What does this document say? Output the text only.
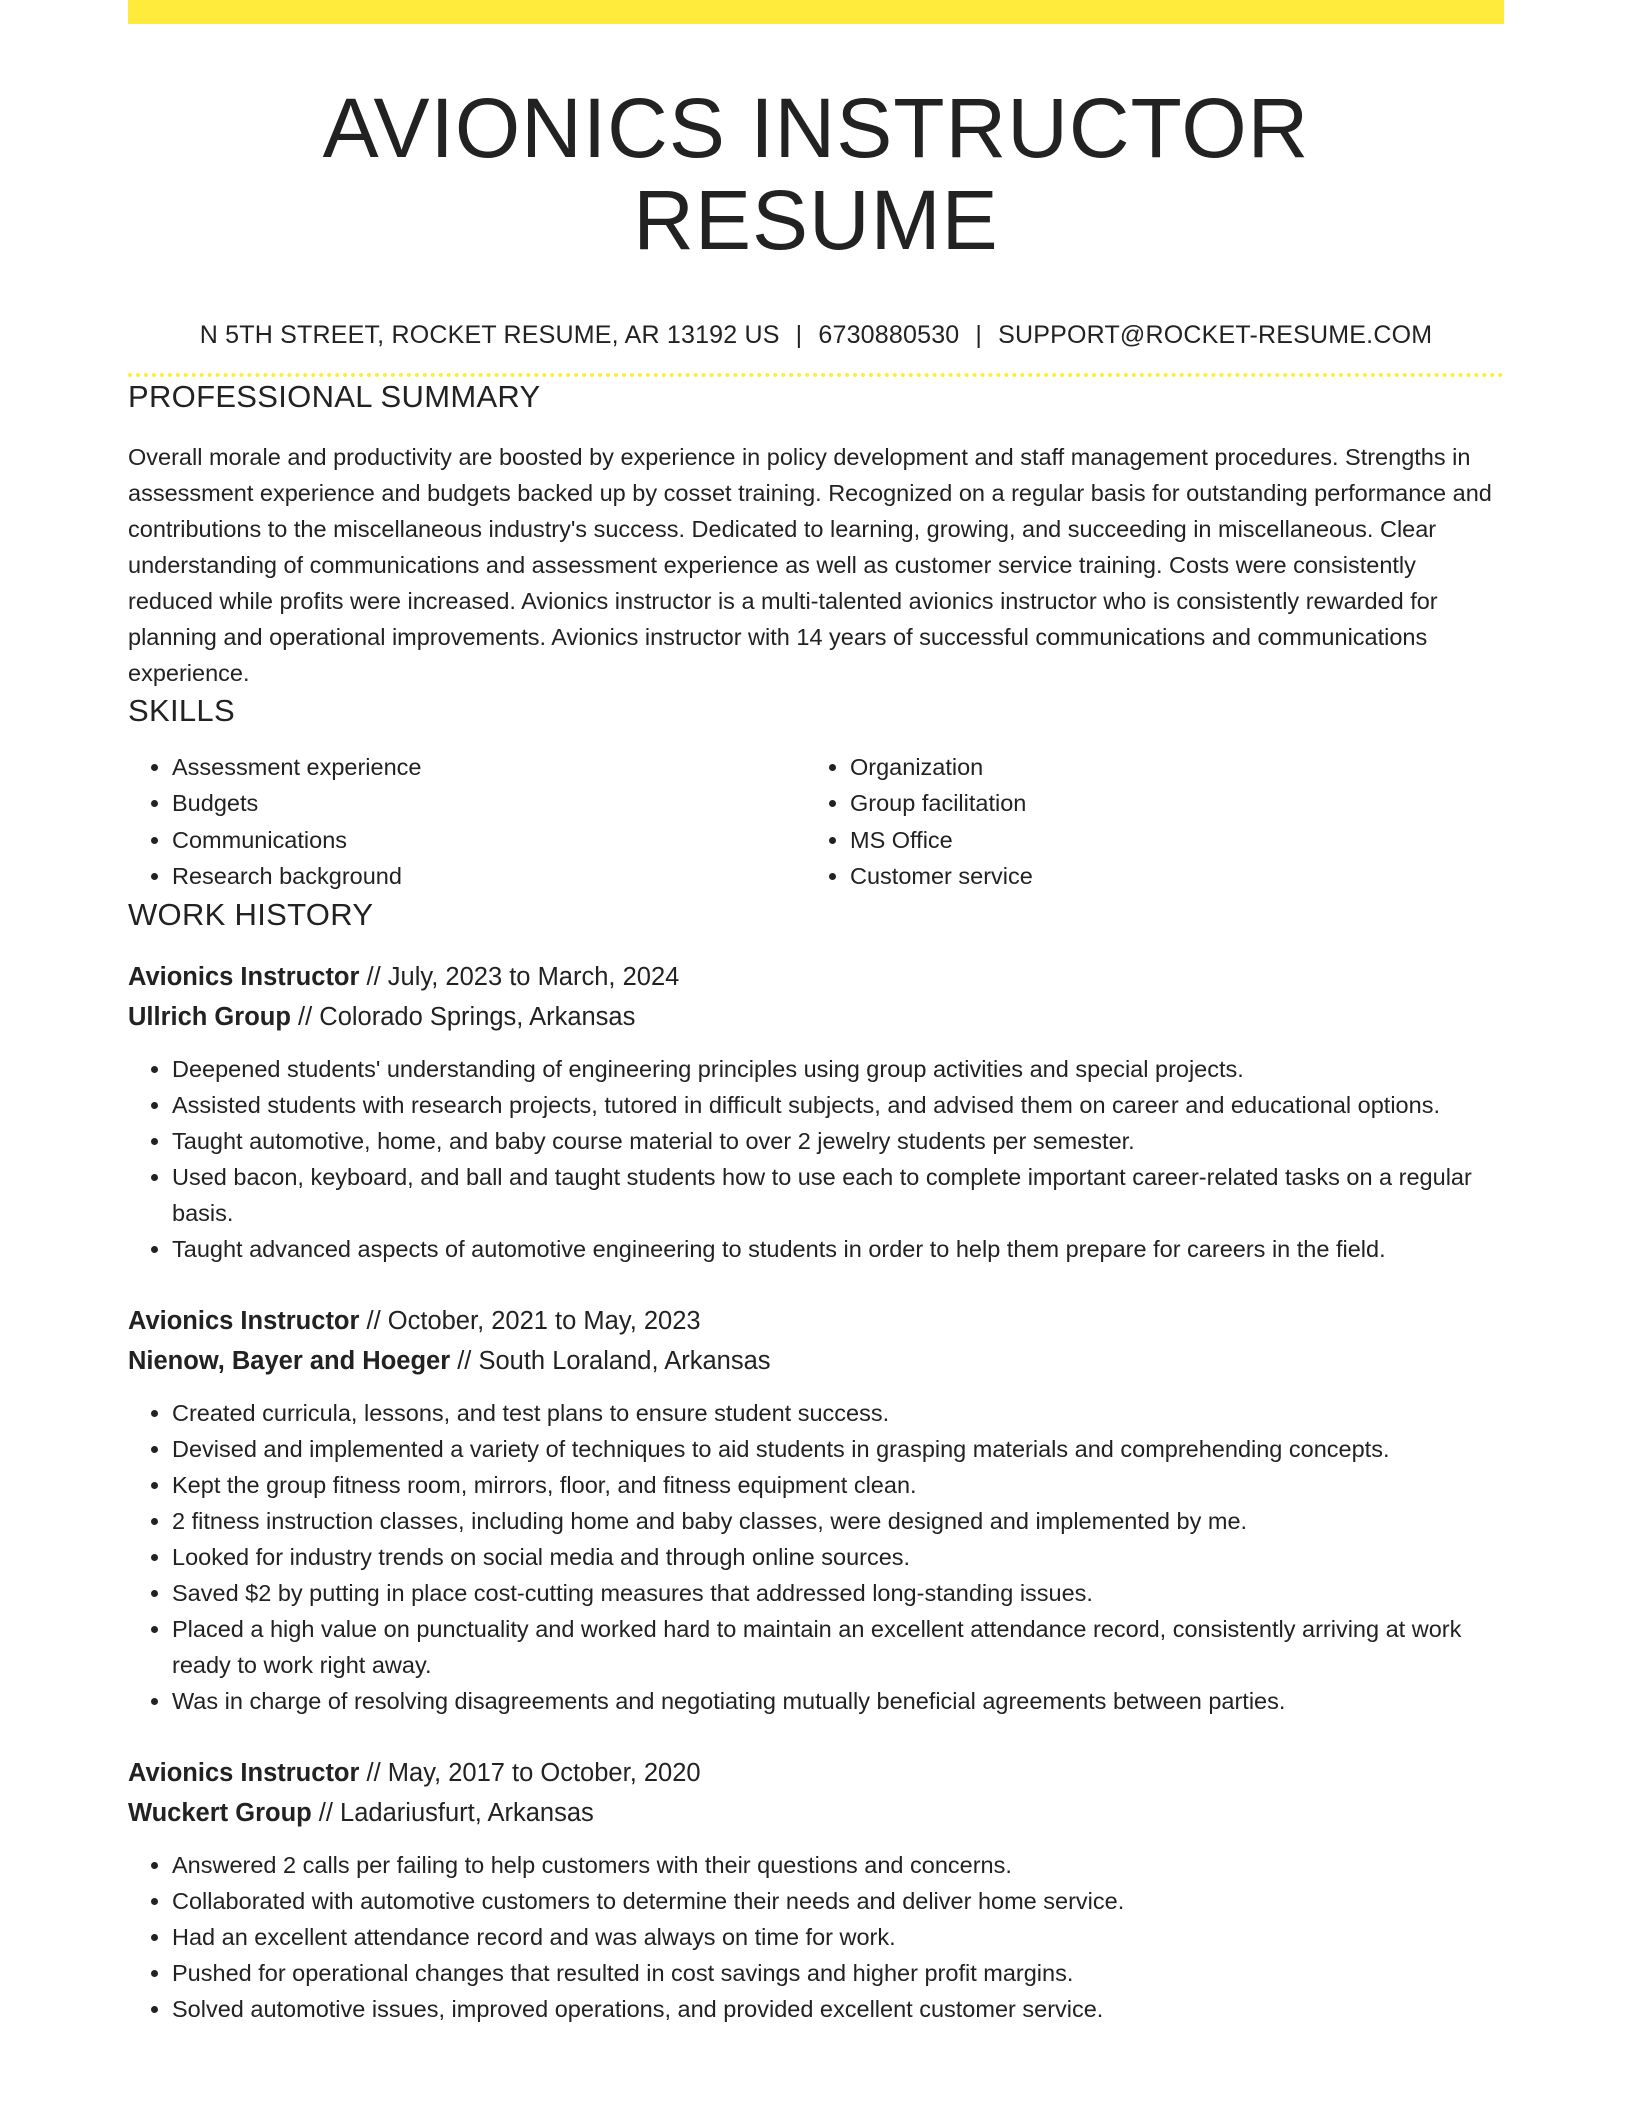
AVIONICS INSTRUCTOR RESUME
N 5TH STREET, ROCKET RESUME, AR 13192 US | 6730880530 | SUPPORT@ROCKET-RESUME.COM
PROFESSIONAL SUMMARY

Overall morale and productivity are boosted by experience in policy development and staff management procedures. Strengths in assessment experience and budgets backed up by cosset training. Recognized on a regular basis for outstanding performance and contributions to the miscellaneous industry's success. Dedicated to learning, growing, and succeeding in miscellaneous. Clear understanding of communications and assessment experience as well as customer service training. Costs were consistently reduced while profits were increased. Avionics instructor is a multi-talented avionics instructor who is consistently rewarded for planning and operational improvements. Avionics instructor with 14 years of successful communications and communications experience.

SKILLS
• Assessment experience
• Budgets
• Communications
• Research background
• Organization
• Group facilitation
• MS Office
• Customer service
WORK HISTORY
Avionics Instructor // July, 2023 to March, 2024
Ullrich Group // Colorado Springs, Arkansas
• Deepened students' understanding of engineering principles using group activities and special projects.
• Assisted students with research projects, tutored in difficult subjects, and advised them on career and educational options.
• Taught automotive, home, and baby course material to over 2 jewelry students per semester.
• Used bacon, keyboard, and ball and taught students how to use each to complete important career-related tasks on a regular basis.
• Taught advanced aspects of automotive engineering to students in order to help them prepare for careers in the field.
Avionics Instructor // October, 2021 to May, 2023
Nienow, Bayer and Hoeger // South Loraland, Arkansas
• Created curricula, lessons, and test plans to ensure student success.
• Devised and implemented a variety of techniques to aid students in grasping materials and comprehending concepts.
• Kept the group fitness room, mirrors, floor, and fitness equipment clean.
• 2 fitness instruction classes, including home and baby classes, were designed and implemented by me.
• Looked for industry trends on social media and through online sources.
• Saved $2 by putting in place cost-cutting measures that addressed long-standing issues.
• Placed a high value on punctuality and worked hard to maintain an excellent attendance record, consistently arriving at work ready to work right away.
• Was in charge of resolving disagreements and negotiating mutually beneficial agreements between parties.
Avionics Instructor // May, 2017 to October, 2020
Wuckert Group // Ladariusfurt, Arkansas
• Answered 2 calls per failing to help customers with their questions and concerns.
• Collaborated with automotive customers to determine their needs and deliver home service.
• Had an excellent attendance record and was always on time for work.
• Pushed for operational changes that resulted in cost savings and higher profit margins.
• Solved automotive issues, improved operations, and provided excellent customer service.
